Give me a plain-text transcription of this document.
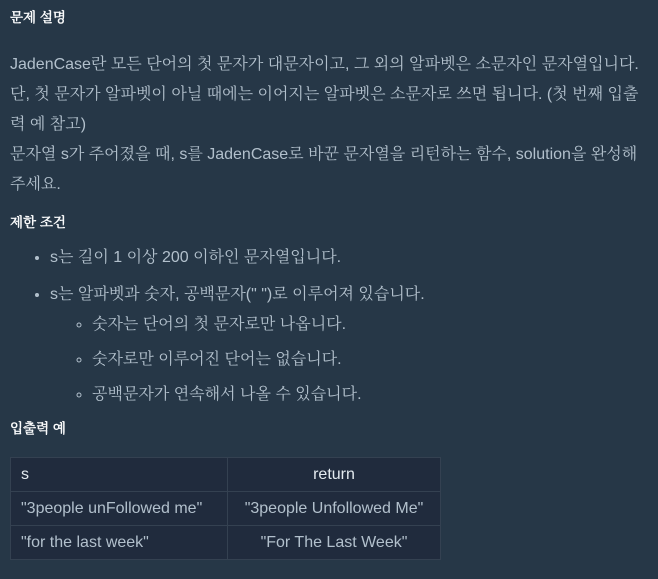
문제 설명

JadenCase란 모든 단어의 첫 문자가 대문자이고, 그 외의 알파벳은 소문자인 문자열입니다. 단, 첫 문자가 알파벳이 아닐 때에는 이어지는 알파벳은 소문자로 쓰면 됩니다. (첫 번째 입출력 예 참고)

문자열 s가 주어졌을 때, s를 JadenCase로 바꾼 문자열을 리턴하는 함수, solution을 완성해주세요.

제한 조건
• s는 길이 1 이상 200 이하인 문자열입니다.
• s는 알파벳과 숫자, 공백문자(" ")로 이루어져 있습니다.
◦ 숫자는 단어의 첫 문자로만 나옵니다.
◦ 숫자로만 이루어진 단어는 없습니다.
◦ 공백문자가 연속해서 나올 수 있습니다.
입출력 예
s	return
"3people unFollowed me"	"3people Unfollowed Me"
"for the last week"	"For The Last Week"
